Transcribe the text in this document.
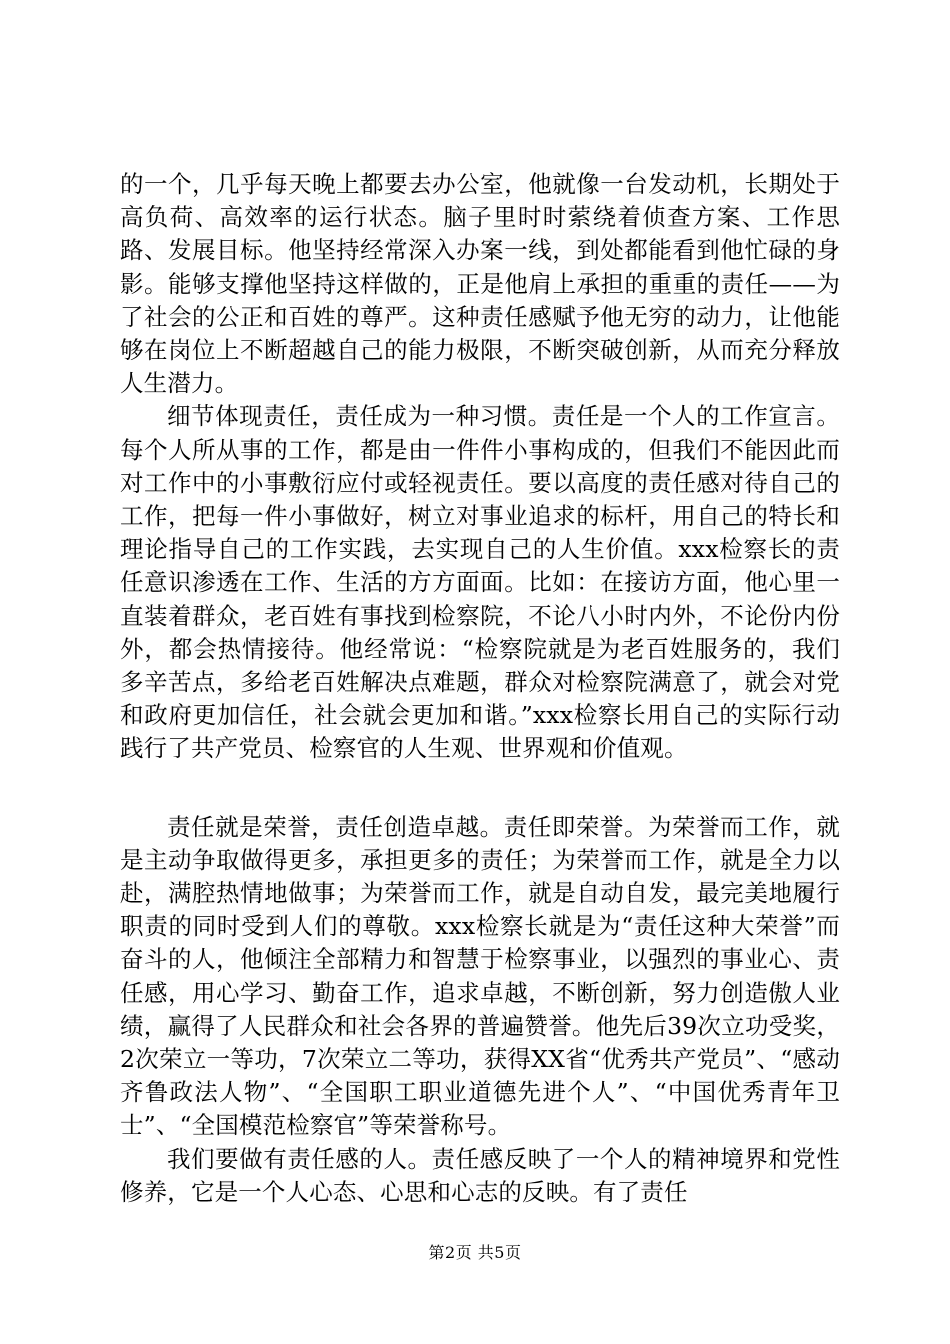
的一个，几乎每天晚上都要去办公室，他就像一台发动机，长期处于高负荷、高效率的运行状态。脑子里时时萦绕着侦查方案、工作思路、发展目标。他坚持经常深入办案一线，到处都能看到他忙碌的身影。能够支撑他坚持这样做的，正是他肩上承担的重重的责任——为了社会的公正和百姓的尊严。这种责任感赋予他无穷的动力，让他能够在岗位上不断超越自己的能力极限，不断突破创新，从而充分释放人生潜力。

细节体现责任，责任成为一种习惯。责任是一个人的工作宣言。每个人所从事的工作，都是由一件件小事构成的，但我们不能因此而对工作中的小事敷衍应付或轻视责任。要以高度的责任感对待自己的工作，把每一件小事做好，树立对事业追求的标杆，用自己的特长和理论指导自己的工作实践，去实现自己的人生价值。xxx检察长的责任意识渗透在工作、生活的方方面面。比如：在接访方面，他心里一直装着群众，老百姓有事找到检察院，不论八小时内外，不论份内份外，都会热情接待。他经常说：“检察院就是为老百姓服务的，我们多辛苦点，多给老百姓解决点难题，群众对检察院满意了，就会对党和政府更加信任，社会就会更加和谐。”xxx检察长用自己的实际行动践行了共产党员、检察官的人生观、世界观和价值观。

责任就是荣誉，责任创造卓越。责任即荣誉。为荣誉而工作，就是主动争取做得更多，承担更多的责任；为荣誉而工作，就是全力以赴，满腔热情地做事；为荣誉而工作，就是自动自发，最完美地履行职责的同时受到人们的尊敬。xxx检察长就是为“责任这种大荣誉”而奋斗的人，他倾注全部精力和智慧于检察事业，以强烈的事业心、责任感，用心学习、勤奋工作，追求卓越，不断创新，努力创造傲人业绩，赢得了人民群众和社会各界的普遍赞誉。他先后39次立功受奖，2次荣立一等功，7次荣立二等功，获得XX省“优秀共产党员”、“感动齐鲁政法人物”、“全国职工职业道德先进个人”、“中国优秀青年卫士”、“全国模范检察官”等荣誉称号。

我们要做有责任感的人。责任感反映了一个人的精神境界和党性修养，它是一个人心态、心思和心志的反映。有了责任

第2页 共5页
